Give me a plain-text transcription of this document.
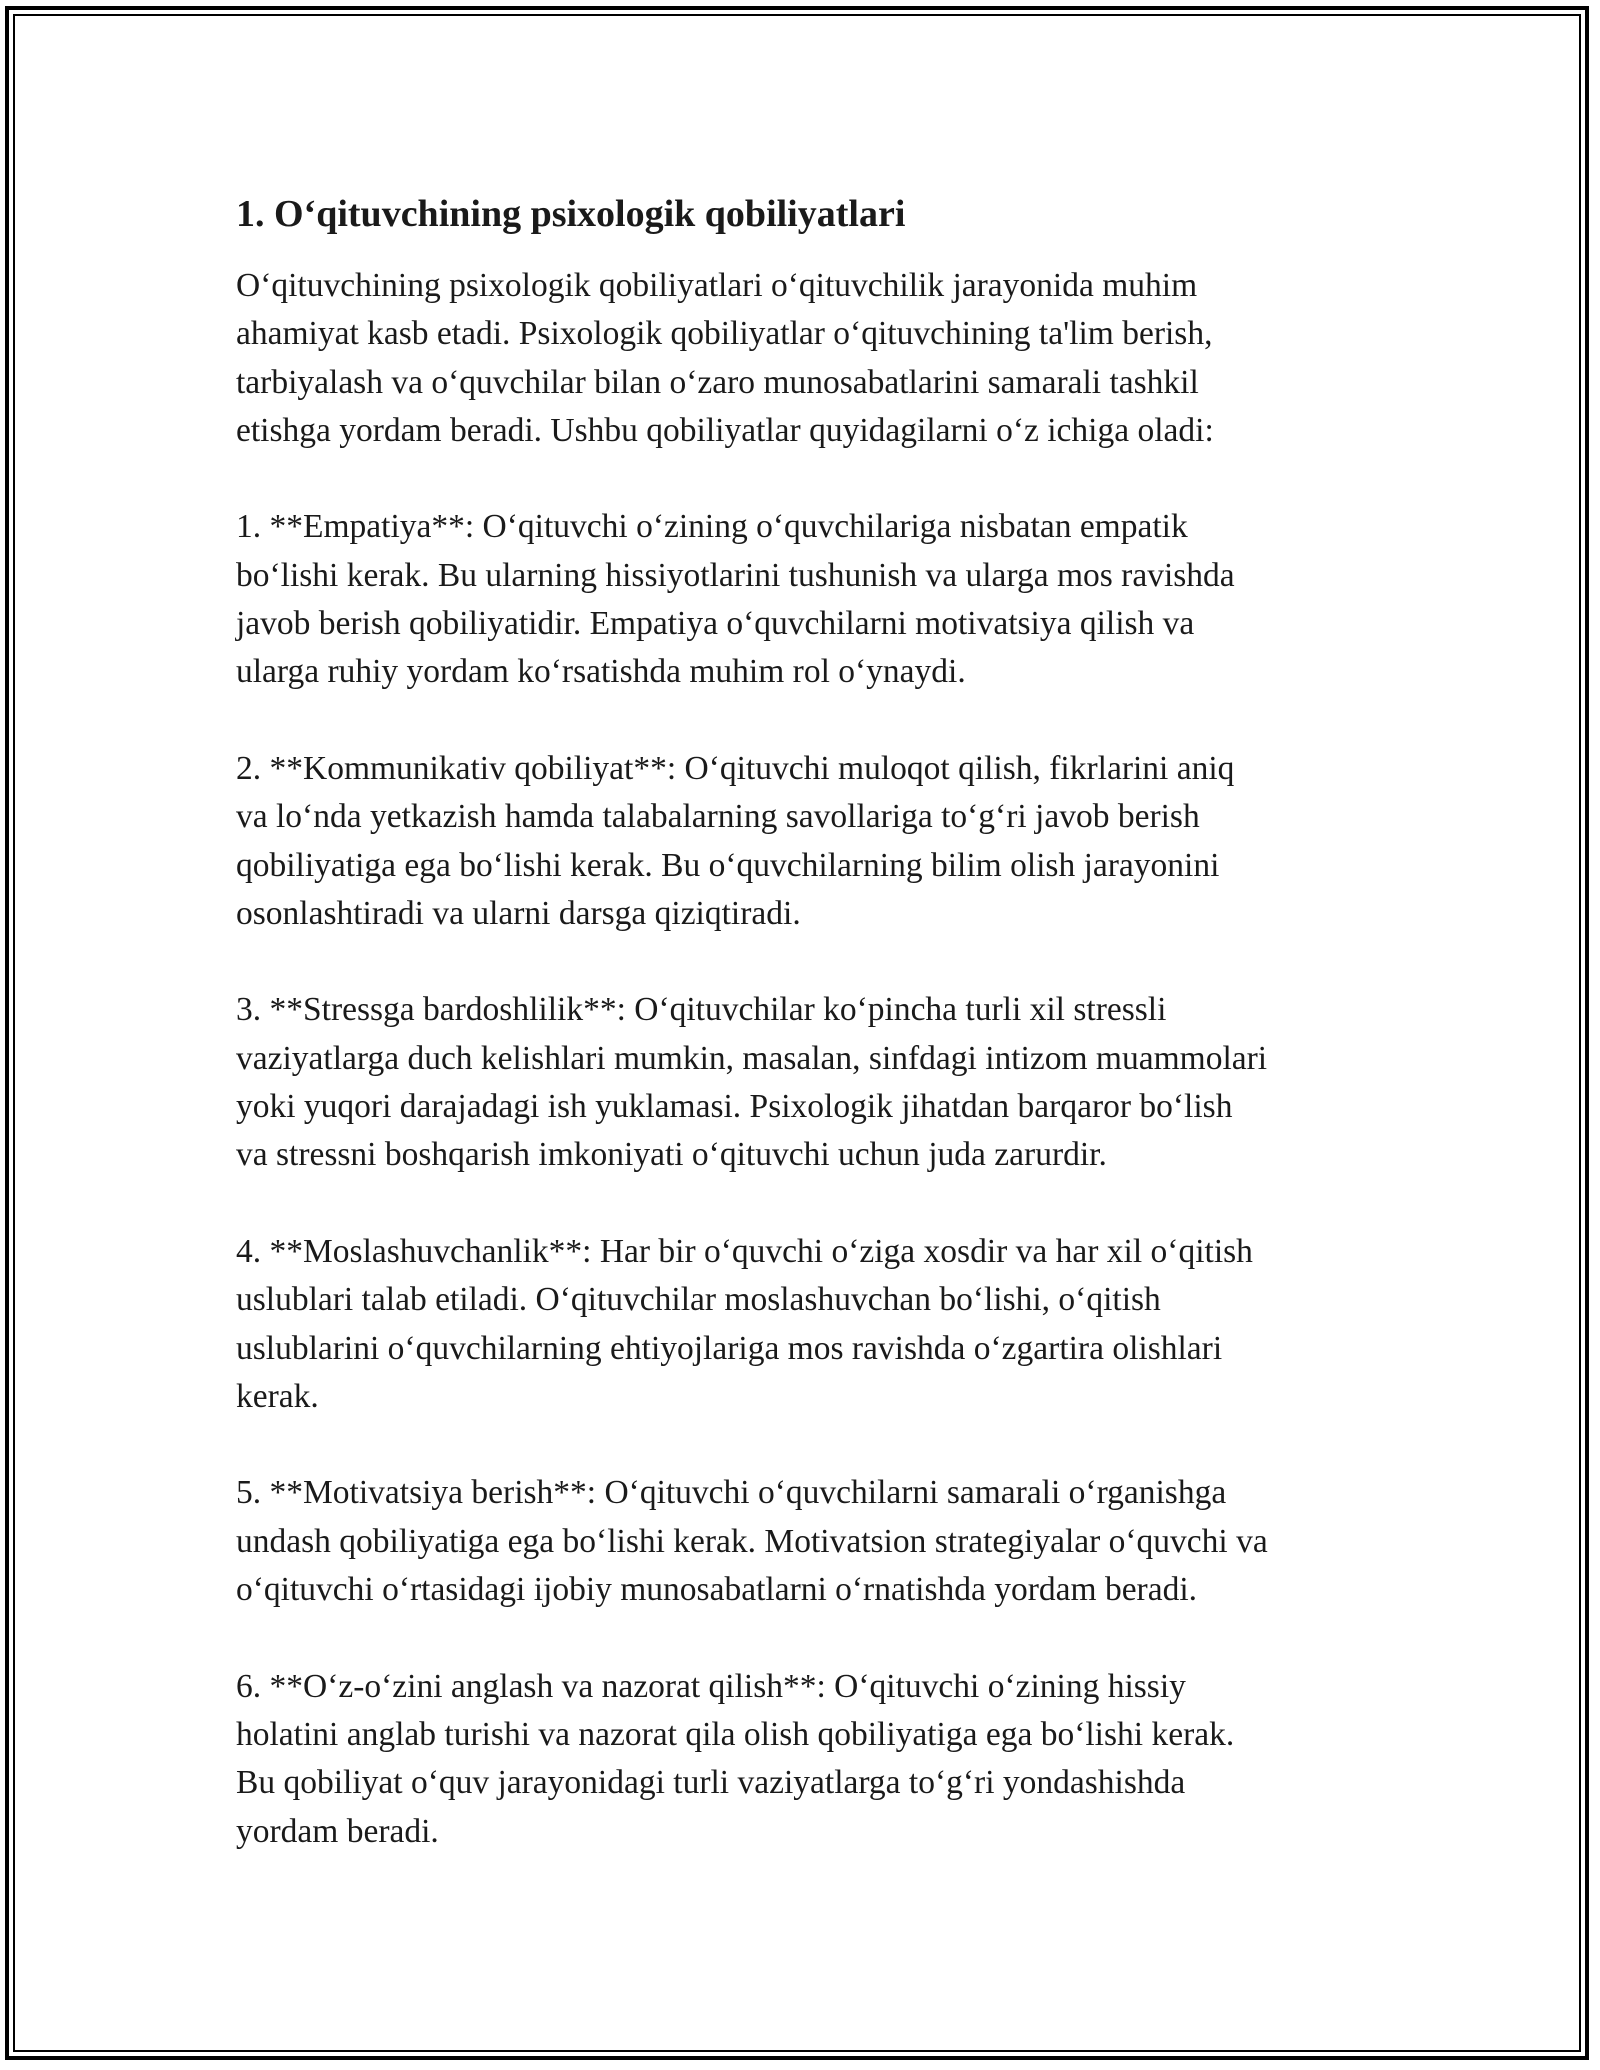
1. O‘qituvchining psixologik qobiliyatlari
O‘qituvchining psixologik qobiliyatlari o‘qituvchilik jarayonida muhim
ahamiyat kasb etadi. Psixologik qobiliyatlar o‘qituvchining ta'lim berish,
tarbiyalash va o‘quvchilar bilan o‘zaro munosabatlarini samarali tashkil
etishga yordam beradi. Ushbu qobiliyatlar quyidagilarni o‘z ichiga oladi:
1. **Empatiya**: O‘qituvchi o‘zining o‘quvchilariga nisbatan empatik
bo‘lishi kerak. Bu ularning hissiyotlarini tushunish va ularga mos ravishda
javob berish qobiliyatidir. Empatiya o‘quvchilarni motivatsiya qilish va
ularga ruhiy yordam ko‘rsatishda muhim rol o‘ynaydi.
2. **Kommunikativ qobiliyat**: O‘qituvchi muloqot qilish, fikrlarini aniq
va lo‘nda yetkazish hamda talabalarning savollariga to‘g‘ri javob berish
qobiliyatiga ega bo‘lishi kerak. Bu o‘quvchilarning bilim olish jarayonini
osonlashtiradi va ularni darsga qiziqtiradi.
3. **Stressga bardoshlilik**: O‘qituvchilar ko‘pincha turli xil stressli
vaziyatlarga duch kelishlari mumkin, masalan, sinfdagi intizom muammolari
yoki yuqori darajadagi ish yuklamasi. Psixologik jihatdan barqaror bo‘lish
va stressni boshqarish imkoniyati o‘qituvchi uchun juda zarurdir.
4. **Moslashuvchanlik**: Har bir o‘quvchi o‘ziga xosdir va har xil o‘qitish
uslublari talab etiladi. O‘qituvchilar moslashuvchan bo‘lishi, o‘qitish
uslublarini o‘quvchilarning ehtiyojlariga mos ravishda o‘zgartira olishlari
kerak.
5. **Motivatsiya berish**: O‘qituvchi o‘quvchilarni samarali o‘rganishga
undash qobiliyatiga ega bo‘lishi kerak. Motivatsion strategiyalar o‘quvchi va
o‘qituvchi o‘rtasidagi ijobiy munosabatlarni o‘rnatishda yordam beradi.
6. **O‘z-o‘zini anglash va nazorat qilish**: O‘qituvchi o‘zining hissiy
holatini anglab turishi va nazorat qila olish qobiliyatiga ega bo‘lishi kerak.
Bu qobiliyat o‘quv jarayonidagi turli vaziyatlarga to‘g‘ri yondashishda
yordam beradi.
